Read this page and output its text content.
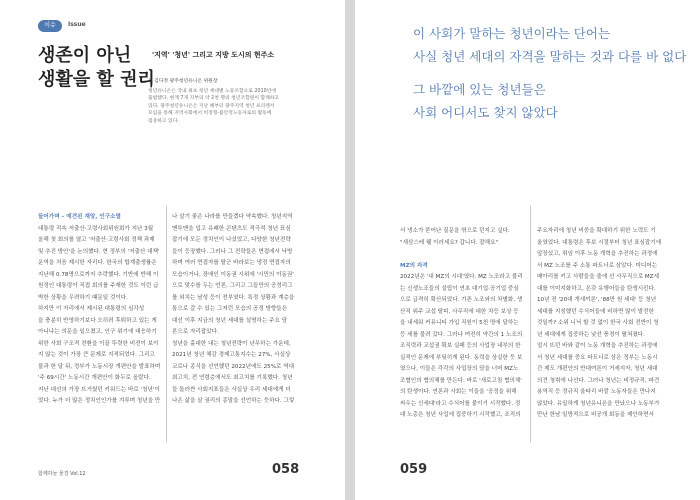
이슈	Issue
생존이 아닌
생활을 할 권리
'지역' '청년' 그리고 지방 도시의 현주소
글 김다정 광주청년유니온 위원장
청년유니온은 국내 최초 청년 세대별 노동조합으로 2010년에
출범했다. 현재 7개 지부의 약 2천 명의 청년조합원이 함께하고
있다. 광주청년유니온은 지난 해부터 광주지역 청년 프리랜서
모임을 통해 지역사회에서 비정형·불안정노동자로의 활동에
집중하고 있다.

들어가며 – 예견된 재앙, 인구소멸

대통령 직속 저출산·고령사회위원회가 지난 3월

올해 첫 회의를 열고 '저출산·고령사회 정책 과제

및 추진 방안'을 논의했다. 현 정부의 '저출산 대책'

운역을 처음 제시한 자리다. 한국의 합계출생률은

지난해 0.78명으로까지 추락했다. 기반에 반해 이

원정인 대통령이 직접 회의를 주재한 것도 이런 급

박한 상황을 우려하기 때문일 것이다.

하지만 이 자리에서 제시된 대통령의 심각성

을 충분히 반영하기보다 오히려 후퇴하고 있는 게

아니냐는 의문을 일으켰고, 인구 위기에 대응하기

위한 사회 구조적 전환을 이끌 뚜렷한 비전이 보이

지 않는 것이 가장 큰 문제로 지적되었다. 그리고

불과 한 달 뒤, 정부가 노동시장 개편안을 발표하며

'주 69시간' 노동시간 개편안이 화두로 올랐다.

지난 대선의 가장 뜨거웠던 키워드는 바로 '청년'이

었다. 누가 더 많은 정치인인가를 겨루며 청년을 만

나 살기 좋은 나라를 만들겠다 약속했다. 청년지역

맨투맨을 입고 유쾌한 콘텐츠도 적극적 청년 표심

잡기에 모든 정치인이 나섰었고, 다양한 청년전략

들이 등장했다. 그러나 그 전략들은 면접에서 낙방

하며 여러 면접자를 탈군 바라보는 냉정 면접자의

모습이거나, 장애인 이동권 시위에 '시민의 이동권'

으로 맞수를 두는 언론, 그리고 그들만의 공정리그

를 외치는 남성 등이 전부였다. 특정 상황과 계층을

통으로 갈 수 있는 그저런 모습의 공정 방향들은

대선 이후 지금의 청년 세대를 설명하는 주요 담

론으로 자리잡았다.

청년을 홀대한 내는 청년전략이 난무하는 가운데,

2021년 청년 체감 경제고통지수는 27%, 사실상

코로나 종식을 선언했던 2022년에도 25%로 역대

최고치, 전 연령층에서도 최고치를 기록했다. 청년

들 둘러싼 사회지표들은 사실상 우리 세대에게 더

나은 삶을 살 권리의 종말을 선언하는 듯하다. 그렇

함께하늘 물결 Vol.12	058

이 사회가 말하는 청년이라는 단어는

사실 청년 세대의 자격을 말하는 것과 다를 바 없다

그 바깥에 있는 청년들은

사회 어디서도 찾지 않았다

서 냉소가 묻어난 질문을 엮으로 던지고 싶다.

"새삼스레 웰 이러세요? 갑니다. 잘해요"

MZ의 자격

2022년은 '내 MZ의 시대'였다. MZ 노조라고 불리

는 신생노조들의 설립이 연초 대기업·공기업 중심

으로 급격히 확산되었다. 기존 노조와의 차별화, 생

산직 위주 교섭 탈피, 사무직에 대한 차등 보상 등

을 내세워 커뮤니티 가입 직원이 5천 명에 달하는

등 세를 불려 갔다. 그러나 여전히 약간의 1 노조의

조직력과 교섭권 확보 실패 등의 사업장 내부의 한

실적인 문제에 부딪히게 된다. 동력을 상실한 듯 보

였으나, 이들은 각각의 사업장의 담을 너머 MZ노

조협인의 협의체를 만든다. 바로 '새로고침 협의체'

의 탄생이다. 연론과 사회는 이들을 '공정을 위해

싸우는 신세대'라고 수식어를 붙이기 시작했다. 정

대 노총은 청년 사업에 집중하기 시작했고, 조직의

주요자리에 청년 비중을 확대하기 위한 노력도 기

울였었다. 대통령은 후보 시절부터 청년 표심잡기에

앞장섰고, 취임 이후 노동 개혁을 추진하는 과정에

서 MZ 노조를 주 소통 파트너로 삼았다. 미디어는

메아리를 키고 사람들을 줄에 선 사무직으로 MZ세

대를 이미지화하고, 온갖 유행어들을 탄생시킨다.

10년 전 '20대 개새끼론', '88만 원 세대' 등 청년

세대를 지칭했던 수식어들에 비하면 많이 발전한

것일까? 소위 니닉 할 것 없이 한국 사회 전반이 청

년 세대에게 집중하는 낯선 풍경이 펼쳐졌다.

얼시 뜨던 바와 같이 노동 개혁을 추진하는 과정에

서 청년 세대를 중요 파트너로 삼은 정부는 노동시

간 제도 개편안의 반대여론이 거세지자, 청년 세대

의견 청취에 나선다. 그러나 청년는 비정규직, 파견

용역직 등 정규직 울타리 바깥 노동자들은 만나지

않았다. 유일하게 청년유니온을 만났으나 노동부가

만난 한남 일방적으로 비공개 회동을 제안하면서

059
